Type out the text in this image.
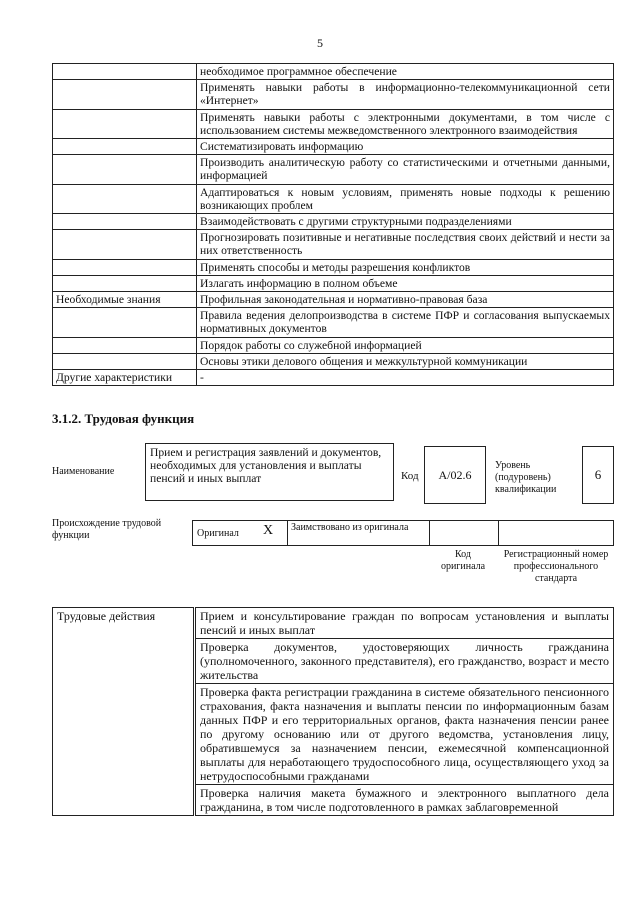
5
	необходимое программное обеспечение
	Применять навыки работы в информационно-телекоммуникационной сети «Интернет»
	Применять навыки работы с электронными документами, в том числе с использованием системы межведомственного электронного взаимодействия
	Систематизировать информацию
	Производить аналитическую работу со статистическими и отчетными данными, информацией
	Адаптироваться к новым условиям, применять новые подходы к решению возникающих проблем
	Взаимодействовать с другими структурными подразделениями
	Прогнозировать позитивные и негативные последствия своих действий и нести за них ответственность
	Применять способы и методы разрешения конфликтов
	Излагать информацию в полном объеме
Необходимые знания	Профильная законодательная и нормативно-правовая база
	Правила ведения делопроизводства в системе ПФР и согласования выпускаемых нормативных документов
	Порядок работы со служебной информацией
	Основы этики делового общения и межкультурной коммуникации
Другие характеристики	-
3.1.2. Трудовая функция
Наименование
Прием и регистрация заявлений и документов, необходимых для установления и выплаты пенсий и иных выплат	Код	A/02.6
Уровень (подуровень) квалификации
6
Происхождение трудовой функции	Оригинал X	Заимствовано из оригинала
Код оригинала
Регистрационный номер профессионального стандарта
Трудовые действия	Прием и консультирование граждан по вопросам установления и выплаты пенсий и иных выплат
Проверка документов, удостоверяющих личность гражданина (уполномоченного, законного представителя), его гражданство, возраст и место жительства
Проверка факта регистрации гражданина в системе обязательного пенсионного страхования, факта назначения и выплаты пенсии по информационным базам данных ПФР и его территориальных органов, факта назначения пенсии ранее по другому основанию или от другого ведомства, установления лицу, обратившемуся за назначением пенсии, ежемесячной компенсационной выплаты для неработающего трудоспособного лица, осуществляющего уход за нетрудоспособными гражданами
Проверка наличия макета бумажного и электронного выплатного дела гражданина, в том числе подготовленного в рамках заблаговременной
